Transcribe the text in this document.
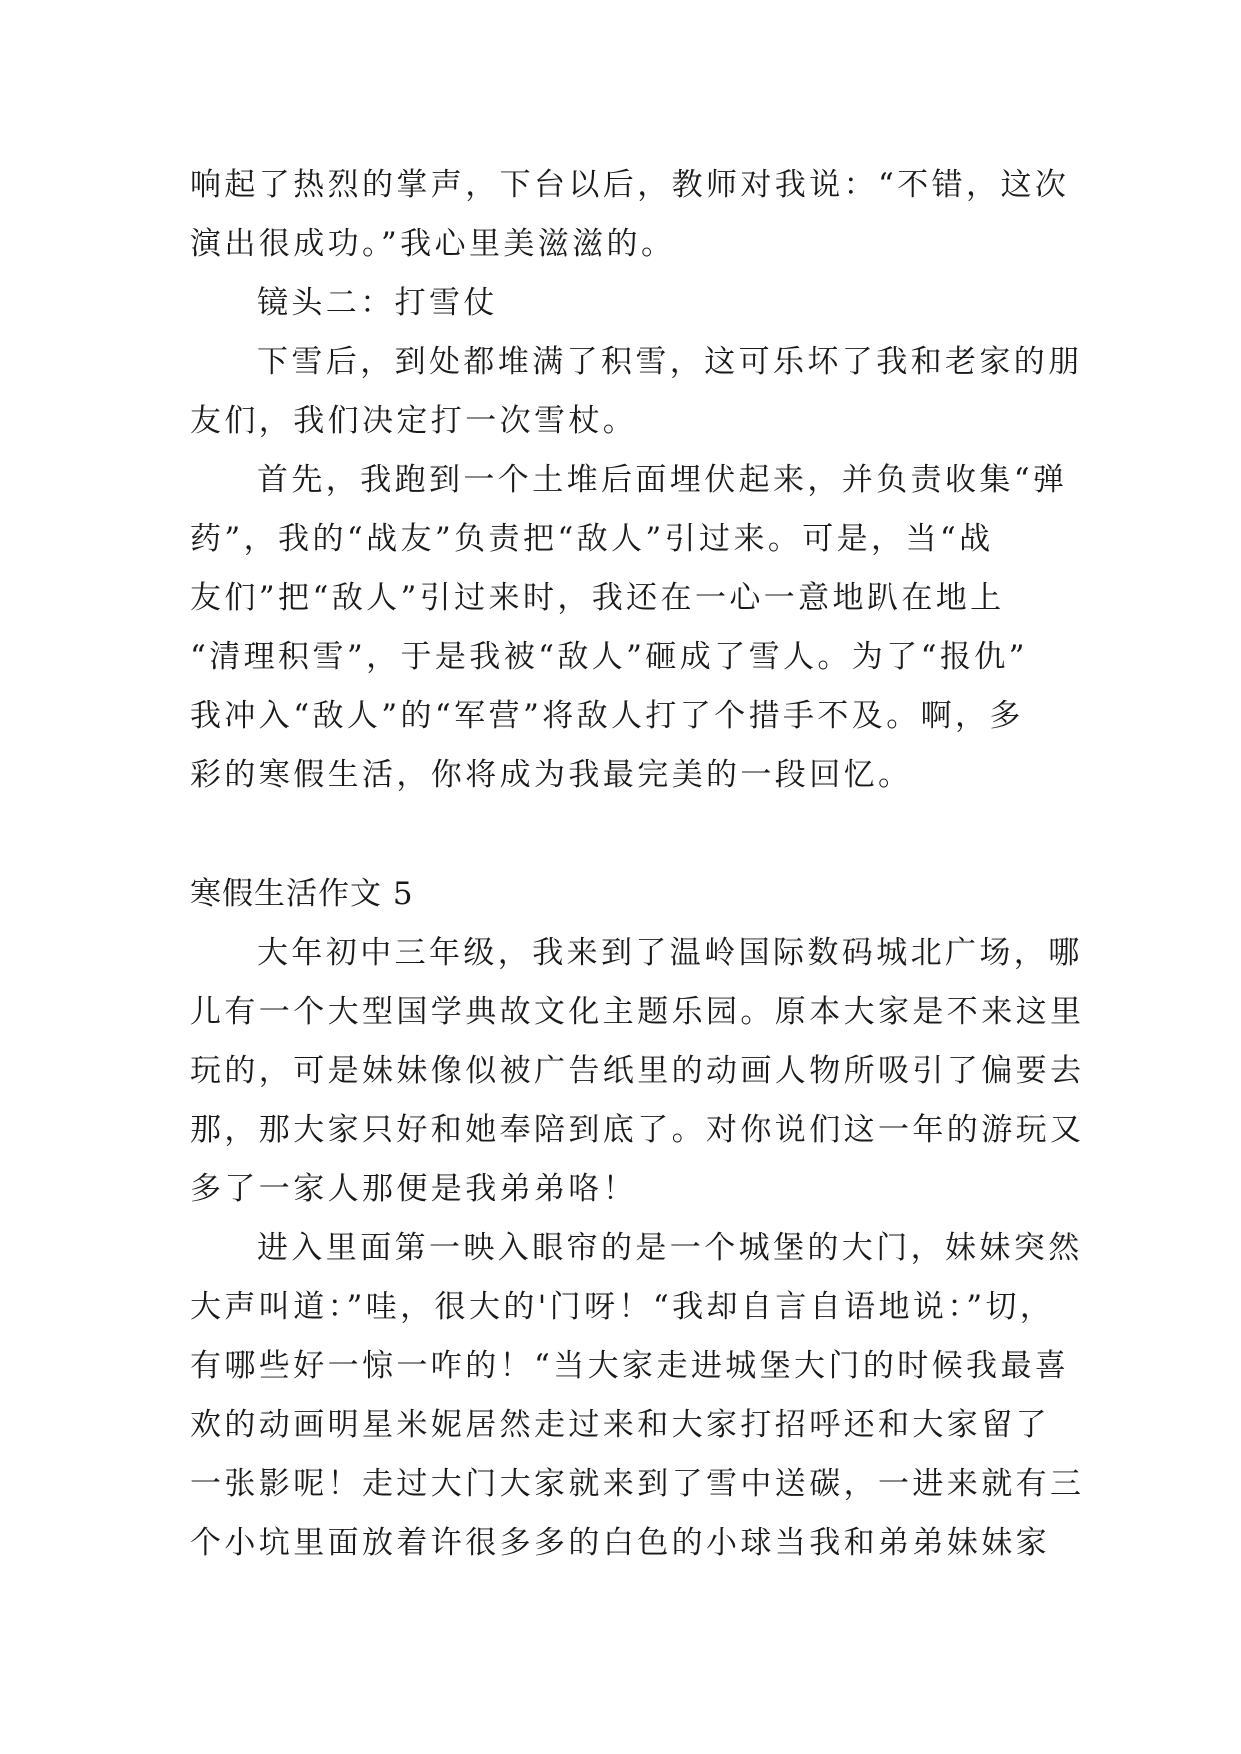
响起了热烈的掌声，下台以后，教师对我说：“不错，这次

演出很成功。”我心里美滋滋的。

镜头二：打雪仗

下雪后，到处都堆满了积雪，这可乐坏了我和老家的朋

友们，我们决定打一次雪杖。

首先，我跑到一个土堆后面埋伏起来，并负责收集“弹

药”，我的“战友”负责把“敌人”引过来。可是，当“战

友们”把“敌人”引过来时，我还在一心一意地趴在地上

“清理积雪”，于是我被“敌人”砸成了雪人。为了“报仇”

我冲入“敌人”的“军营”将敌人打了个措手不及。啊，多

彩的寒假生活，你将成为我最完美的一段回忆。

寒假生活作文 5

大年初中三年级，我来到了温岭国际数码城北广场，哪

儿有一个大型国学典故文化主题乐园。原本大家是不来这里

玩的，可是妹妹像似被广告纸里的动画人物所吸引了偏要去

那，那大家只好和她奉陪到底了。对你说们这一年的游玩又

多了一家人那便是我弟弟咯！

进入里面第一映入眼帘的是一个城堡的大门，妹妹突然

大声叫道：”哇，很大的'门呀！“我却自言自语地说：”切，

有哪些好一惊一咋的！“当大家走进城堡大门的时候我最喜

欢的动画明星米妮居然走过来和大家打招呼还和大家留了

一张影呢！走过大门大家就来到了雪中送碳，一进来就有三

个小坑里面放着许很多多的白色的小球当我和弟弟妹妹家
